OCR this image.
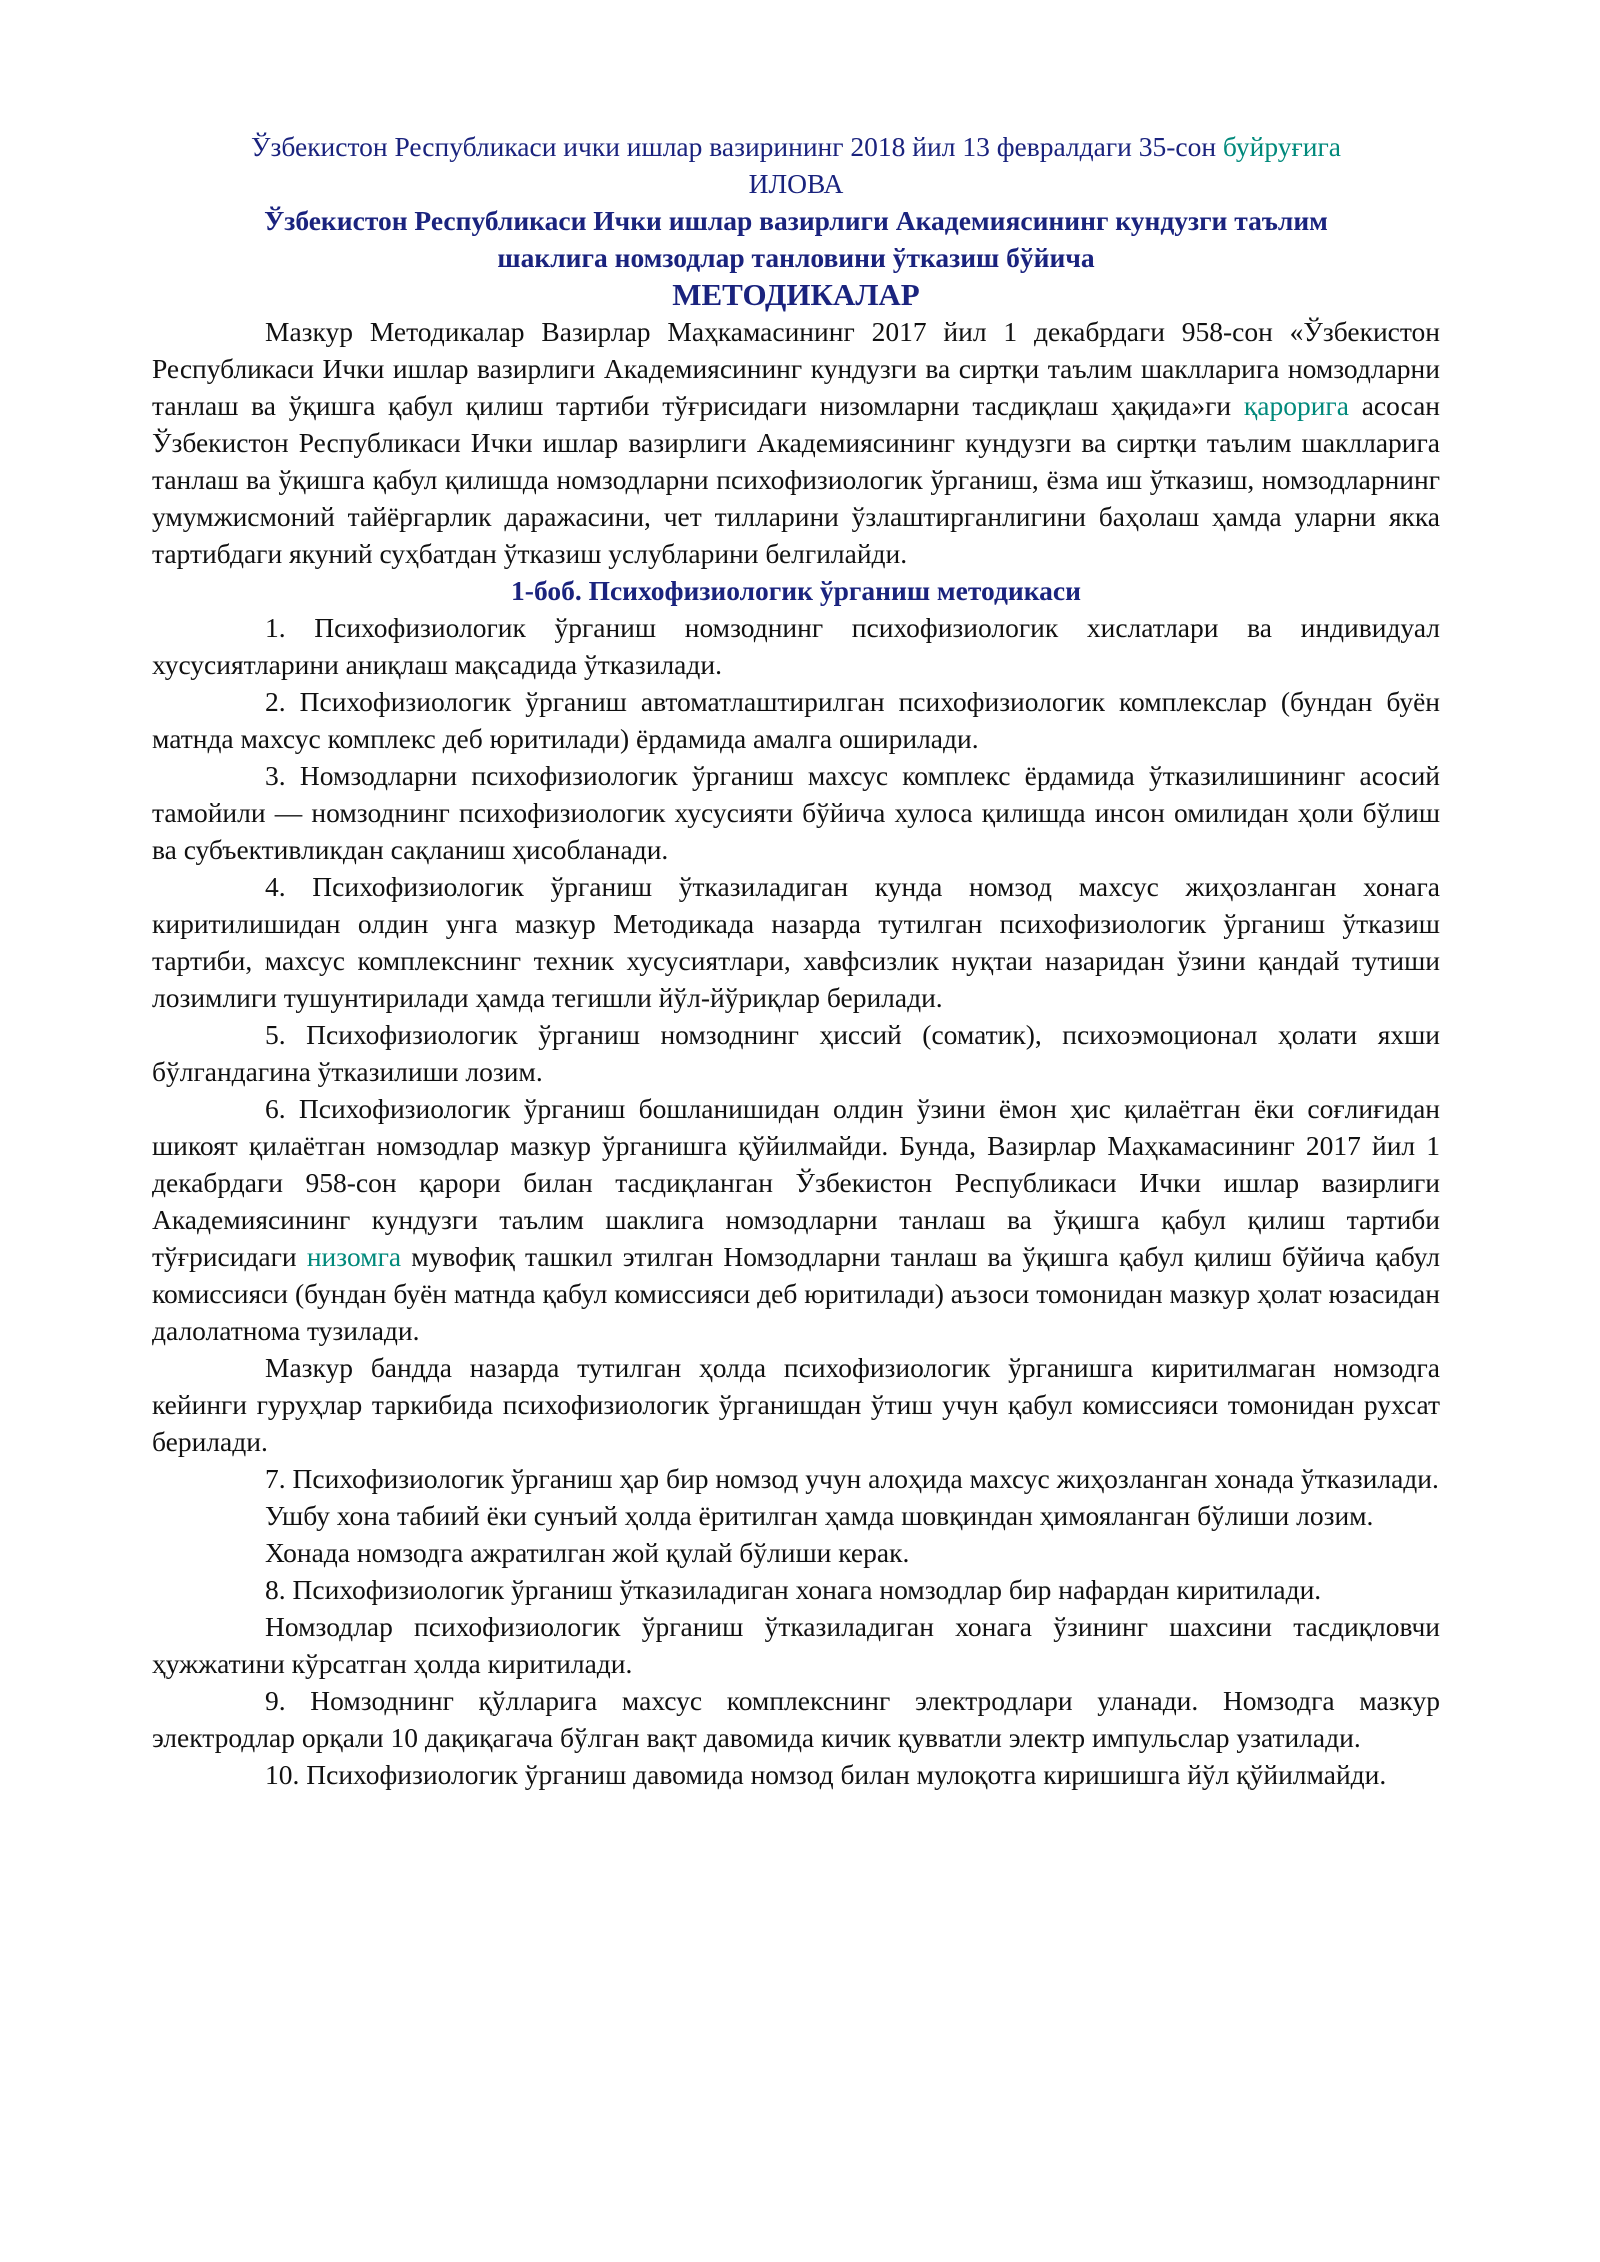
Ўзбекистон Республикаси ички ишлар вазирининг 2018 йил 13 февралдаги 35-сон буйруғига
ИЛОВА
Ўзбекистон Республикаси Ички ишлар вазирлиги Академиясининг кундузги таълим
шаклига номзодлар танловини ўтказиш бўйича
МЕТОДИКАЛАР

Мазкур Методикалар Вазирлар Маҳкамасининг 2017 йил 1 декабрдаги 958-сон «Ўзбекистон Республикаси Ички ишлар вазирлиги Академиясининг кундузги ва сиртқи таълим шаклларига номзодларни танлаш ва ўқишга қабул қилиш тартиби тўғрисидаги низомларни тасдиқлаш ҳақида»ги қарорига асосан Ўзбекистон Республикаси Ички ишлар вазирлиги Академиясининг кундузги ва сиртқи таълим шаклларига танлаш ва ўқишга қабул қилишда номзодларни психофизиологик ўрганиш, ёзма иш ўтказиш, номзодларнинг умумжисмоний тайёргарлик даражасини, чет тилларини ўзлаштирганлигини баҳолаш ҳамда уларни якка тартибдаги якуний суҳбатдан ўтказиш услубларини белгилайди.

1-боб. Психофизиологик ўрганиш методикаси

1. Психофизиологик ўрганиш номзоднинг психофизиологик хислатлари ва индивидуал хусусиятларини аниқлаш мақсадида ўтказилади.

2. Психофизиологик ўрганиш автоматлаштирилган психофизиологик комплекслар (бундан буён матнда махсус комплекс деб юритилади) ёрдамида амалга оширилади.

3. Номзодларни психофизиологик ўрганиш махсус комплекс ёрдамида ўтказилишининг асосий тамойили — номзоднинг психофизиологик хусусияти бўйича хулоса қилишда инсон омилидан ҳоли бўлиш ва субъективликдан сақланиш ҳисобланади.

4. Психофизиологик ўрганиш ўтказиладиган кунда номзод махсус жиҳозланган хонага киритилишидан олдин унга мазкур Методикада назарда тутилган психофизиологик ўрганиш ўтказиш тартиби, махсус комплекснинг техник хусусиятлари, хавфсизлик нуқтаи назаридан ўзини қандай тутиши лозимлиги тушунтирилади ҳамда тегишли йўл-йўриқлар берилади.

5. Психофизиологик ўрганиш номзоднинг ҳиссий (соматик), психоэмоционал ҳолати яхши бўлгандагина ўтказилиши лозим.

6. Психофизиологик ўрганиш бошланишидан олдин ўзини ёмон ҳис қилаётган ёки соғлиғидан шикоят қилаётган номзодлар мазкур ўрганишга қўйилмайди. Бунда, Вазирлар Маҳкамасининг 2017 йил 1 декабрдаги 958-сон қарори билан тасдиқланган Ўзбекистон Республикаси Ички ишлар вазирлиги Академиясининг кундузги таълим шаклига номзодларни танлаш ва ўқишга қабул қилиш тартиби тўғрисидаги низомга мувофиқ ташкил этилган Номзодларни танлаш ва ўқишга қабул қилиш бўйича қабул комиссияси (бундан буён матнда қабул комиссияси деб юритилади) аъзоси томонидан мазкур ҳолат юзасидан далолатнома тузилади.

Мазкур бандда назарда тутилган ҳолда психофизиологик ўрганишга киритилмаган номзодга кейинги гуруҳлар таркибида психофизиологик ўрганишдан ўтиш учун қабул комиссияси томонидан рухсат берилади.

7. Психофизиологик ўрганиш ҳар бир номзод учун алоҳида махсус жиҳозланган хонада ўтказилади.

Ушбу хона табиий ёки сунъий ҳолда ёритилган ҳамда шовқиндан ҳимояланган бўлиши лозим.

Хонада номзодга ажратилган жой қулай бўлиши керак.

8. Психофизиологик ўрганиш ўтказиладиган хонага номзодлар бир нафардан киритилади.

Номзодлар психофизиологик ўрганиш ўтказиладиган хонага ўзининг шахсини тасдиқловчи ҳужжатини кўрсатган ҳолда киритилади.

9. Номзоднинг қўлларига махсус комплекснинг электродлари уланади. Номзодга мазкур электродлар орқали 10 дақиқагача бўлган вақт давомида кичик қувватли электр импульслар узатилади.

10. Психофизиологик ўрганиш давомида номзод билан мулоқотга киришишга йўл қўйилмайди.
